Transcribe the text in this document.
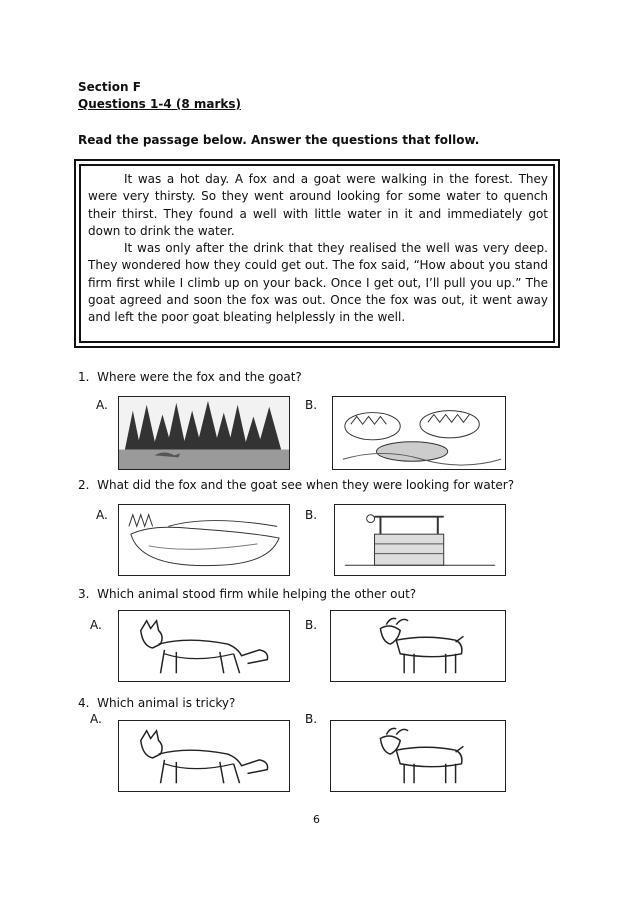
Section F
Questions 1-4 (8 marks)
Read the passage below. Answer the questions that follow.

It was a hot day. A fox and a goat were walking in the forest. They were very thirsty. So they went around looking for some water to quench their thirst. They found a well with little water in it and immediately got down to drink the water.

It was only after the drink that they realised the well was very deep. They wondered how they could get out. The fox said, “How about you stand firm first while I climb up on your back. Once I get out, I’ll pull you up.” The goat agreed and soon the fox was out. Once the fox was out, it went away and left the poor goat bleating helplessly in the well.

1. Where were the fox and the goat?
A.	B.
2. What did the fox and the goat see when they were looking for water?
A.	B.
3. Which animal stood firm while helping the other out?
A.	B.
4. Which animal is tricky?
A.	B.
6
